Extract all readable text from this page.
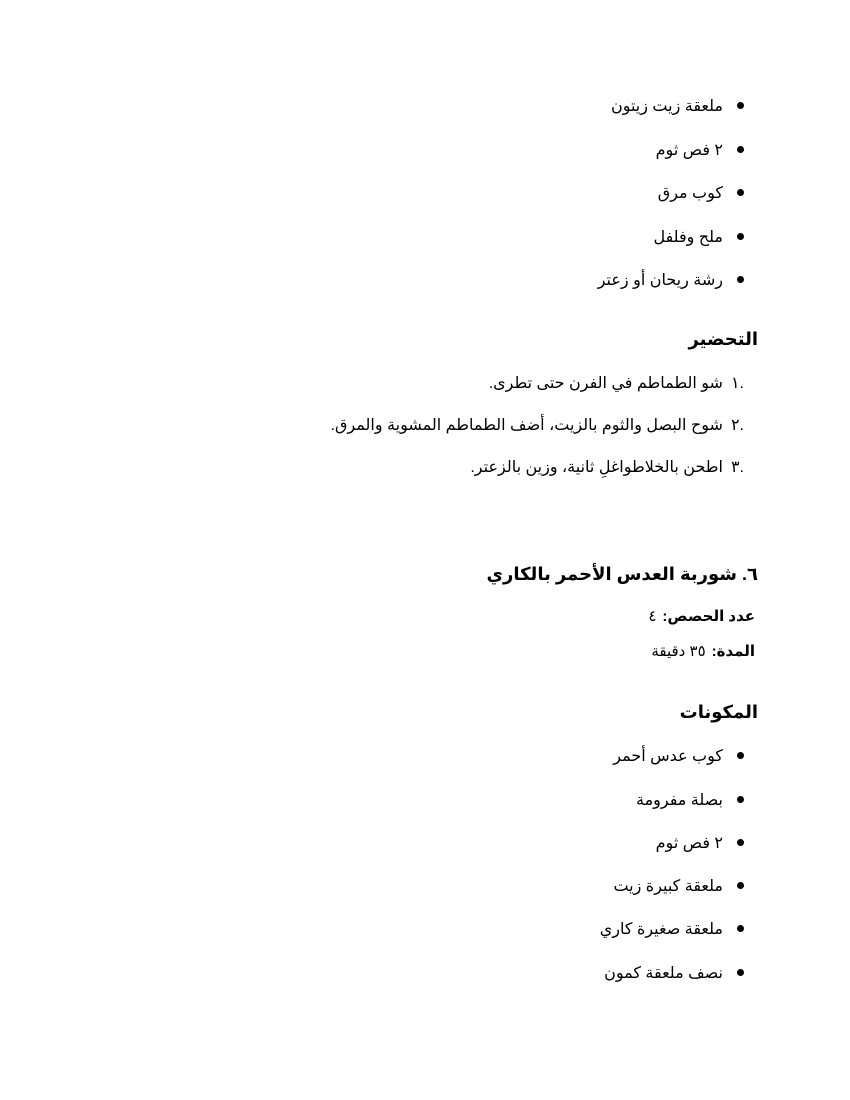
ملعقة زيت زيتون
٢ فص ثوم
كوب مرق
ملح وفلفل
رشة ريحان أو زعتر
التحضير
.١شو الطماطم في الفرن حتى تطرى.
.٢شوح البصل والثوم بالزيت، أضف الطماطم المشوية والمرق.
.٣اطحن بالخلاطواغلِ ثانية، وزين بالزعتر.
٦. شوربة العدس الأحمر بالكاري
عدد الحصص:٤
المدة:٣٥ دقيقة
المكونات
كوب عدس أحمر
بصلة مفرومة
٢ فص ثوم
ملعقة كبيرة زيت
ملعقة صغيرة كاري
نصف ملعقة كمون
